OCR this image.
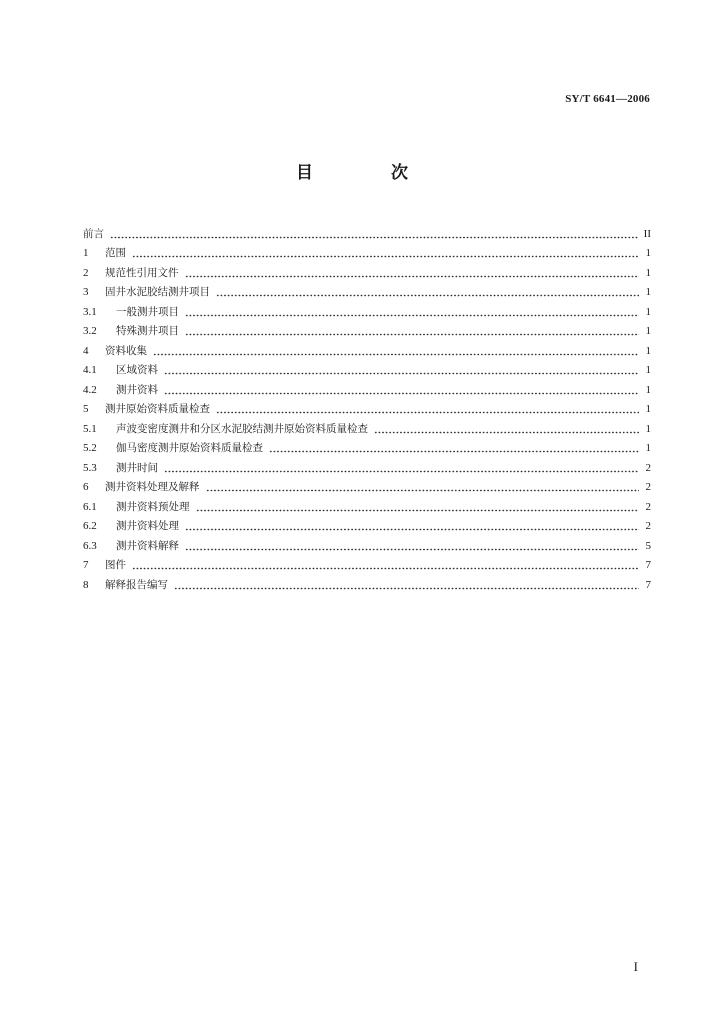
SY/T 6641—2006
目 次
前言	II
1	范围	1
2	规范性引用文件	1
3	固井水泥胶结测井项目	1
3.1	一般测井项目	1
3.2	特殊测井项目	1
4	资料收集	1
4.1	区域资料	1
4.2	测井资料	1
5	测井原始资料质量检查	1
5.1	声波变密度测井和分区水泥胶结测井原始资料质量检查	1
5.2	伽马密度测井原始资料质量检查	1
5.3	测井时间	2
6	测井资料处理及解释	2
6.1	测井资料预处理	2
6.2	测井资料处理	2
6.3	测井资料解释	5
7	图件	7
8	解释报告编写	7
I
